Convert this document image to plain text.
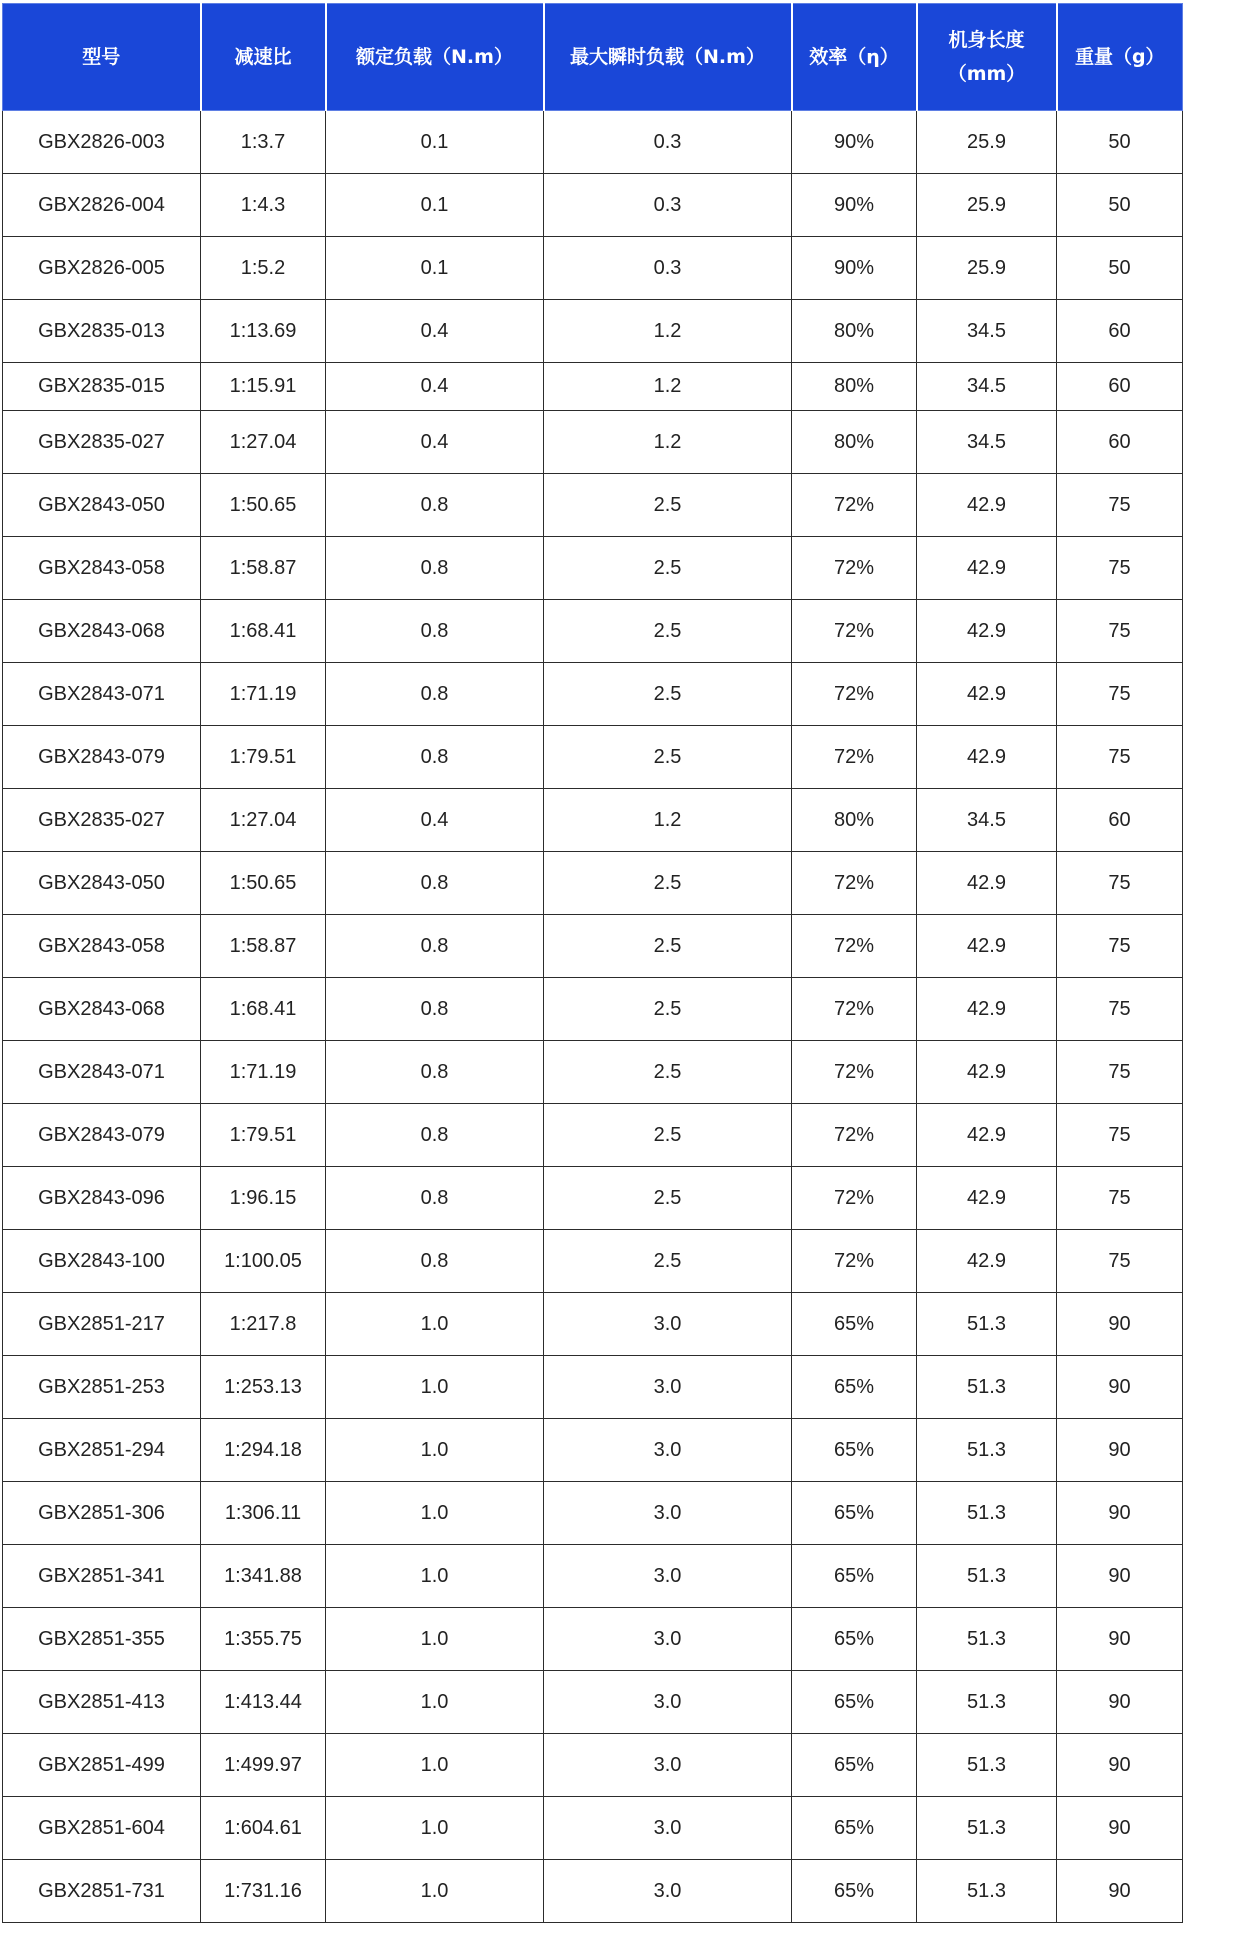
型号	减速比	额定负载（N.m）	最大瞬时负载（N.m）	效率（η）	机身长度（mm）	重量（g）
GBX2826-003	1:3.7	0.1	0.3	90%	25.9	50
GBX2826-004	1:4.3	0.1	0.3	90%	25.9	50
GBX2826-005	1:5.2	0.1	0.3	90%	25.9	50
GBX2835-013	1:13.69	0.4	1.2	80%	34.5	60
GBX2835-015	1:15.91	0.4	1.2	80%	34.5	60
GBX2835-027	1:27.04	0.4	1.2	80%	34.5	60
GBX2843-050	1:50.65	0.8	2.5	72%	42.9	75
GBX2843-058	1:58.87	0.8	2.5	72%	42.9	75
GBX2843-068	1:68.41	0.8	2.5	72%	42.9	75
GBX2843-071	1:71.19	0.8	2.5	72%	42.9	75
GBX2843-079	1:79.51	0.8	2.5	72%	42.9	75
GBX2835-027	1:27.04	0.4	1.2	80%	34.5	60
GBX2843-050	1:50.65	0.8	2.5	72%	42.9	75
GBX2843-058	1:58.87	0.8	2.5	72%	42.9	75
GBX2843-068	1:68.41	0.8	2.5	72%	42.9	75
GBX2843-071	1:71.19	0.8	2.5	72%	42.9	75
GBX2843-079	1:79.51	0.8	2.5	72%	42.9	75
GBX2843-096	1:96.15	0.8	2.5	72%	42.9	75
GBX2843-100	1:100.05	0.8	2.5	72%	42.9	75
GBX2851-217	1:217.8	1.0	3.0	65%	51.3	90
GBX2851-253	1:253.13	1.0	3.0	65%	51.3	90
GBX2851-294	1:294.18	1.0	3.0	65%	51.3	90
GBX2851-306	1:306.11	1.0	3.0	65%	51.3	90
GBX2851-341	1:341.88	1.0	3.0	65%	51.3	90
GBX2851-355	1:355.75	1.0	3.0	65%	51.3	90
GBX2851-413	1:413.44	1.0	3.0	65%	51.3	90
GBX2851-499	1:499.97	1.0	3.0	65%	51.3	90
GBX2851-604	1:604.61	1.0	3.0	65%	51.3	90
GBX2851-731	1:731.16	1.0	3.0	65%	51.3	90
